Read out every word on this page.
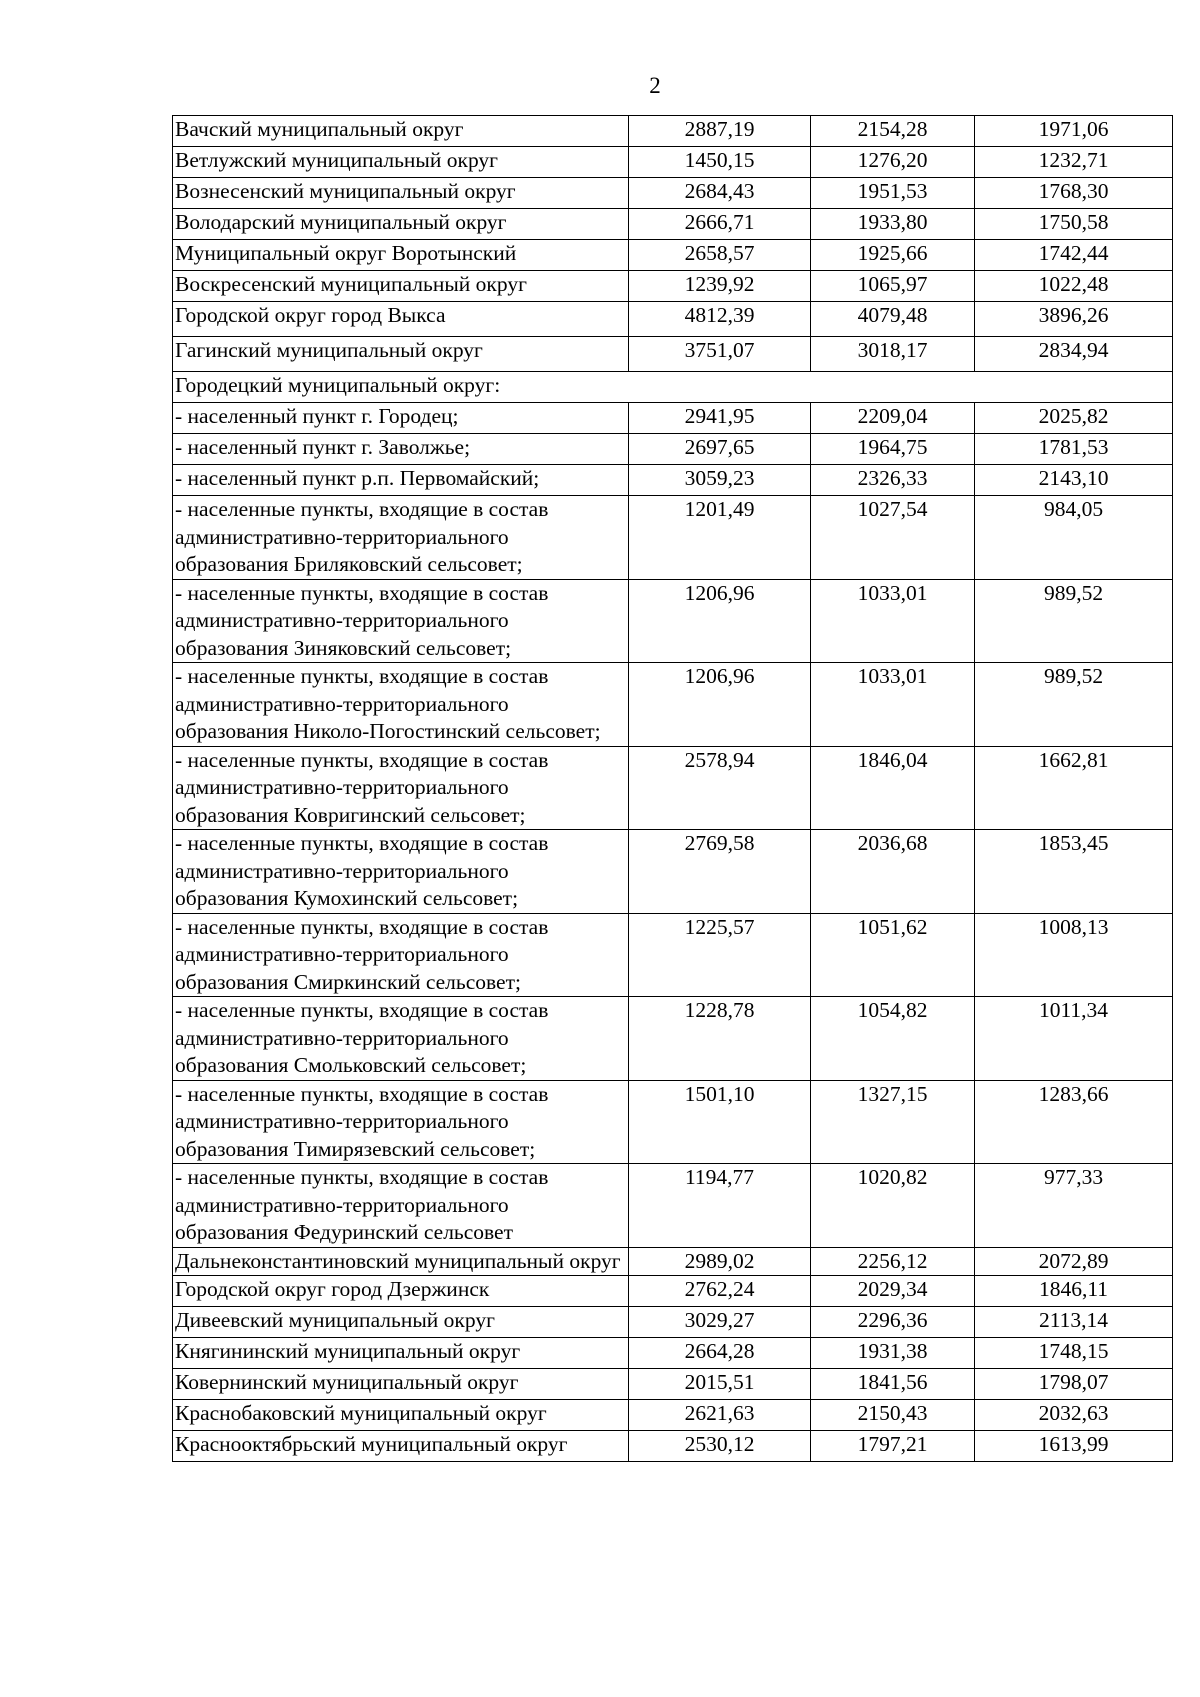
2
Вачский муниципальный округ	2887,19	2154,28	1971,06
Ветлужский муниципальный округ	1450,15	1276,20	1232,71
Вознесенский муниципальный округ	2684,43	1951,53	1768,30
Володарский муниципальный округ	2666,71	1933,80	1750,58
Муниципальный округ Воротынский	2658,57	1925,66	1742,44
Воскресенский муниципальный округ	1239,92	1065,97	1022,48
Городской округ город Выкса	4812,39	4079,48	3896,26
Гагинский муниципальный округ	3751,07	3018,17	2834,94
Городецкий муниципальный округ:			
- населенный пункт г. Городец;	2941,95	2209,04	2025,82
- населенный пункт г. Заволжье;	2697,65	1964,75	1781,53
- населенный пункт р.п. Первомайский;	3059,23	2326,33	2143,10
- населенные пункты, входящие в состав административно-территориального образования Бриляковский сельсовет;	1201,49	1027,54	984,05
- населенные пункты, входящие в состав административно-территориального образования Зиняковский сельсовет;	1206,96	1033,01	989,52
- населенные пункты, входящие в состав административно-территориального образования Николо-Погостинский сельсовет;	1206,96	1033,01	989,52
- населенные пункты, входящие в состав административно-территориального образования Ковригинский сельсовет;	2578,94	1846,04	1662,81
- населенные пункты, входящие в состав административно-территориального образования Кумохинский сельсовет;	2769,58	2036,68	1853,45
- населенные пункты, входящие в состав административно-территориального образования Смиркинский сельсовет;	1225,57	1051,62	1008,13
- населенные пункты, входящие в состав административно-территориального образования Смольковский сельсовет;	1228,78	1054,82	1011,34
- населенные пункты, входящие в состав административно-территориального образования Тимирязевский сельсовет;	1501,10	1327,15	1283,66
- населенные пункты, входящие в состав административно-территориального образования Федуринский сельсовет	1194,77	1020,82	977,33
Дальнеконстантиновский муниципальный округ	2989,02	2256,12	2072,89
Городской округ город Дзержинск	2762,24	2029,34	1846,11
Дивеевский муниципальный округ	3029,27	2296,36	2113,14
Княгининский муниципальный округ	2664,28	1931,38	1748,15
Ковернинский муниципальный округ	2015,51	1841,56	1798,07
Краснобаковский муниципальный округ	2621,63	2150,43	2032,63
Краснооктябрьский муниципальный округ	2530,12	1797,21	1613,99
